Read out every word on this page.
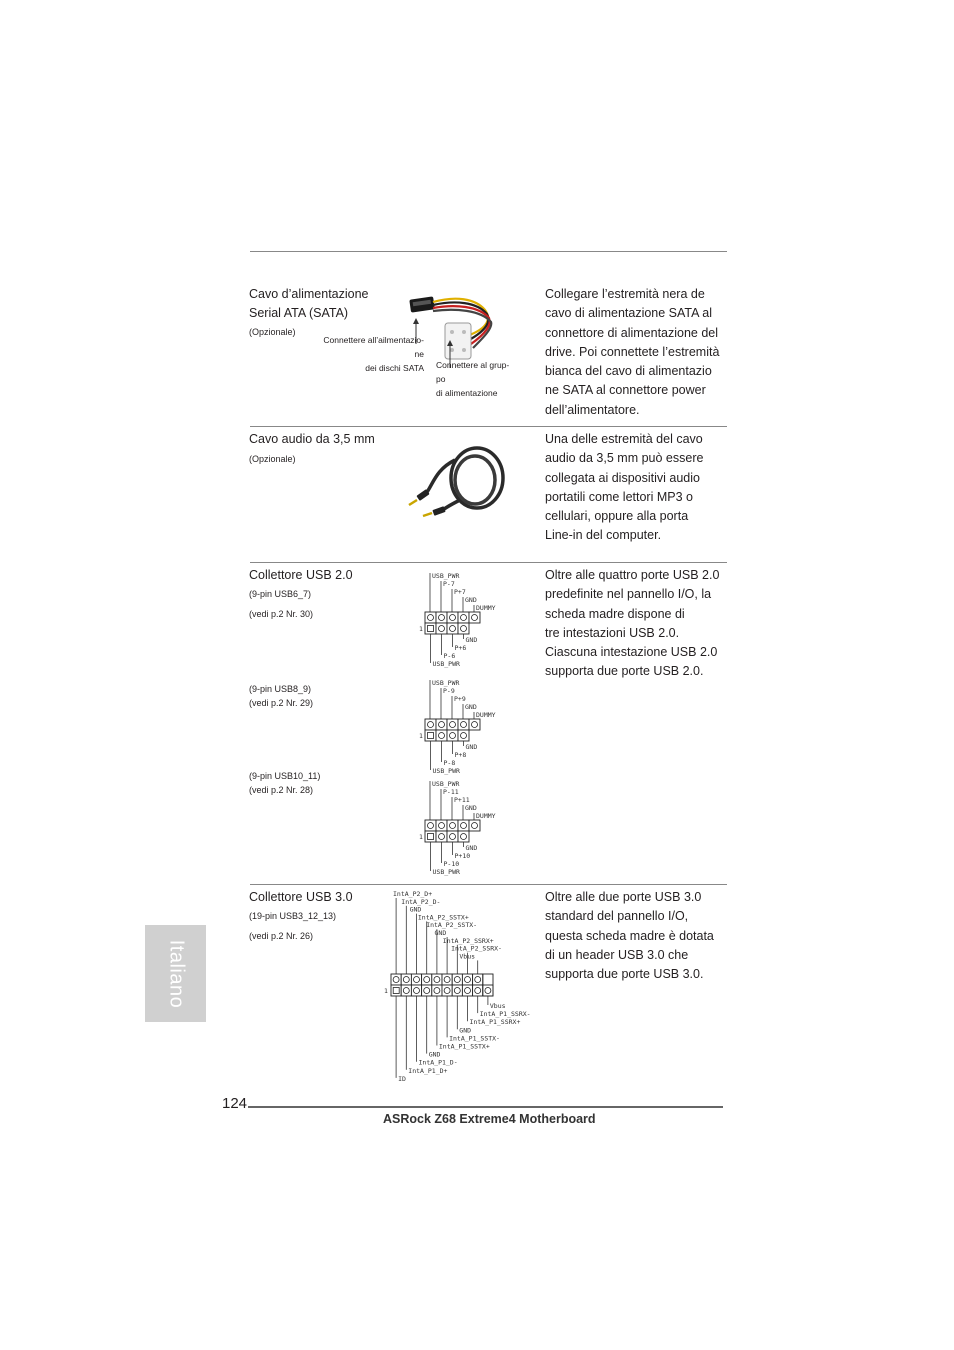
Cavo d’alimentazione
Serial ATA (SATA)
(Opzionale)
Connettere all’ailmentazio-
ne
dei dischi SATA Connettere al grup-
po
di alimentazione
Collegare l’estremità nera de
cavo di alimentazione SATA al
connettore di alimentazione del
drive. Poi connettete l’estremità
bianca del cavo di alimentazio
ne SATA al connettore power
dell’alimentatore.
Cavo audio da 3,5 mm
(Opzionale)
Una delle estremità del cavo
audio da 3,5 mm può essere
collegata ai dispositivi audio
portatili come lettori MP3 o
cellulari, oppure alla porta
Line-in del computer.
Collettore USB 2.0
(9-pin USB6_7)
(vedi p.2 Nr. 30)
(9-pin USB8_9)
(vedi p.2 Nr. 29)
(9-pin USB10_11)
(vedi p.2 Nr. 28)
USB_PWR
P-7
P+7
GND
DUMMY
1
GND
P+6
P-6
USB_PWR
USB_PWR
P-9
P+9
GND
DUMMY
1
GND
P+8
P-8
USB_PWR
USB_PWR
P-11
P+11
GND
DUMMY
1
GND
P+10
P-10
USB_PWR
Oltre alle quattro porte USB 2.0
predefinite nel pannello I/O, la
scheda madre dispone di
tre intestazioni USB 2.0.
Ciascuna intestazione USB 2.0
supporta due porte USB 2.0.
Collettore USB 3.0
(19-pin USB3_12_13)
(vedi p.2 Nr. 26)
IntA_P2_D+
IntA_P2_D-
GND
IntA_P2_SSTX+
IntA_P2_SSTX-
GND
IntA_P2_SSRX+
IntA_P2_SSRX-
Vbus
1
Vbus
IntA_P1_SSRX-
IntA_P1_SSRX+
GND
IntA_P1_SSTX-
IntA_P1_SSTX+
GND
IntA_P1_D-
IntA_P1_D+
ID
Oltre alle due porte USB 3.0
standard del pannello I/O,
questa scheda madre è dotata
di un header USB 3.0 che
supporta due porte USB 3.0.
Italiano
124
ASRock Z68 Extreme4 Motherboard
